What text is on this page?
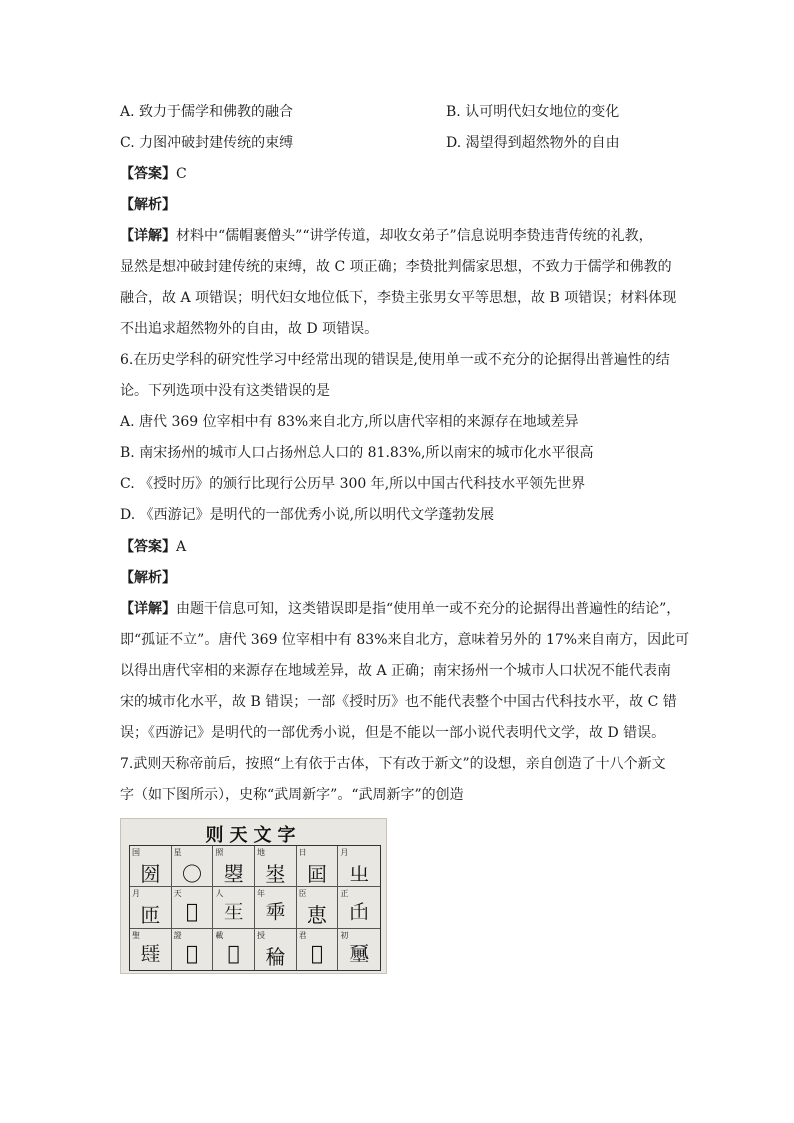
A. 致力于儒学和佛教的融合	B. 认可明代妇女地位的变化
C. 力图冲破封建传统的束缚	D. 渴望得到超然物外的自由
【答案】C
【解析】
【详解】材料中“儒帽裹僧头”“讲学传道，却收女弟子”信息说明李贽违背传统的礼教，
显然是想冲破封建传统的束缚，故 C 项正确；李贽批判儒家思想，不致力于儒学和佛教的
融合，故 A 项错误；明代妇女地位低下，李贽主张男女平等思想，故 B 项错误；材料体现
不出追求超然物外的自由，故 D 项错误。
6.在历史学科的研究性学习中经常出现的错误是,使用单一或不充分的论据得出普遍性的结
论。下列选项中没有这类错误的是
A. 唐代 369 位宰相中有 83%来自北方,所以唐代宰相的来源存在地域差异
B. 南宋扬州的城市人口占扬州总人口的 81.83%,所以南宋的城市化水平很高
C. 《授时历》的颁行比现行公历早 300 年,所以中国古代科技水平领先世界
D. 《西游记》是明代的一部优秀小说,所以明代文学蓬勃发展
【答案】A
【解析】
【详解】由题干信息可知，这类错误即是指“使用单一或不充分的论据得出普遍性的结论”，
即“孤证不立”。唐代 369 位宰相中有 83%来自北方，意味着另外的 17%来自南方，因此可
以得出唐代宰相的来源存在地域差异，故 A 正确；南宋扬州一个城市人口状况不能代表南
宋的城市化水平，故 B 错误；一部《授时历》也不能代表整个中国古代科技水平，故 C 错
误；《西游记》是明代的一部优秀小说，但是不能以一部小说代表明代文学，故 D 错误。
7.武则天称帝前后，按照“上有依于古体，下有改于新文”的设想，亲自创造了十八个新文
字（如下图所示），史称“武周新字”。“武周新字”的创造
则天文字
国
圀
星
〇
照
曌
地
埊
日
囸
月
㞢
月
匝
天
𠀑
人
𤯔
年
𠦚
臣
恵
正
𠙺
聖
𨲢
證
𨹗
載
𡕀
授
稐
君
𠺞
初
𡔈
